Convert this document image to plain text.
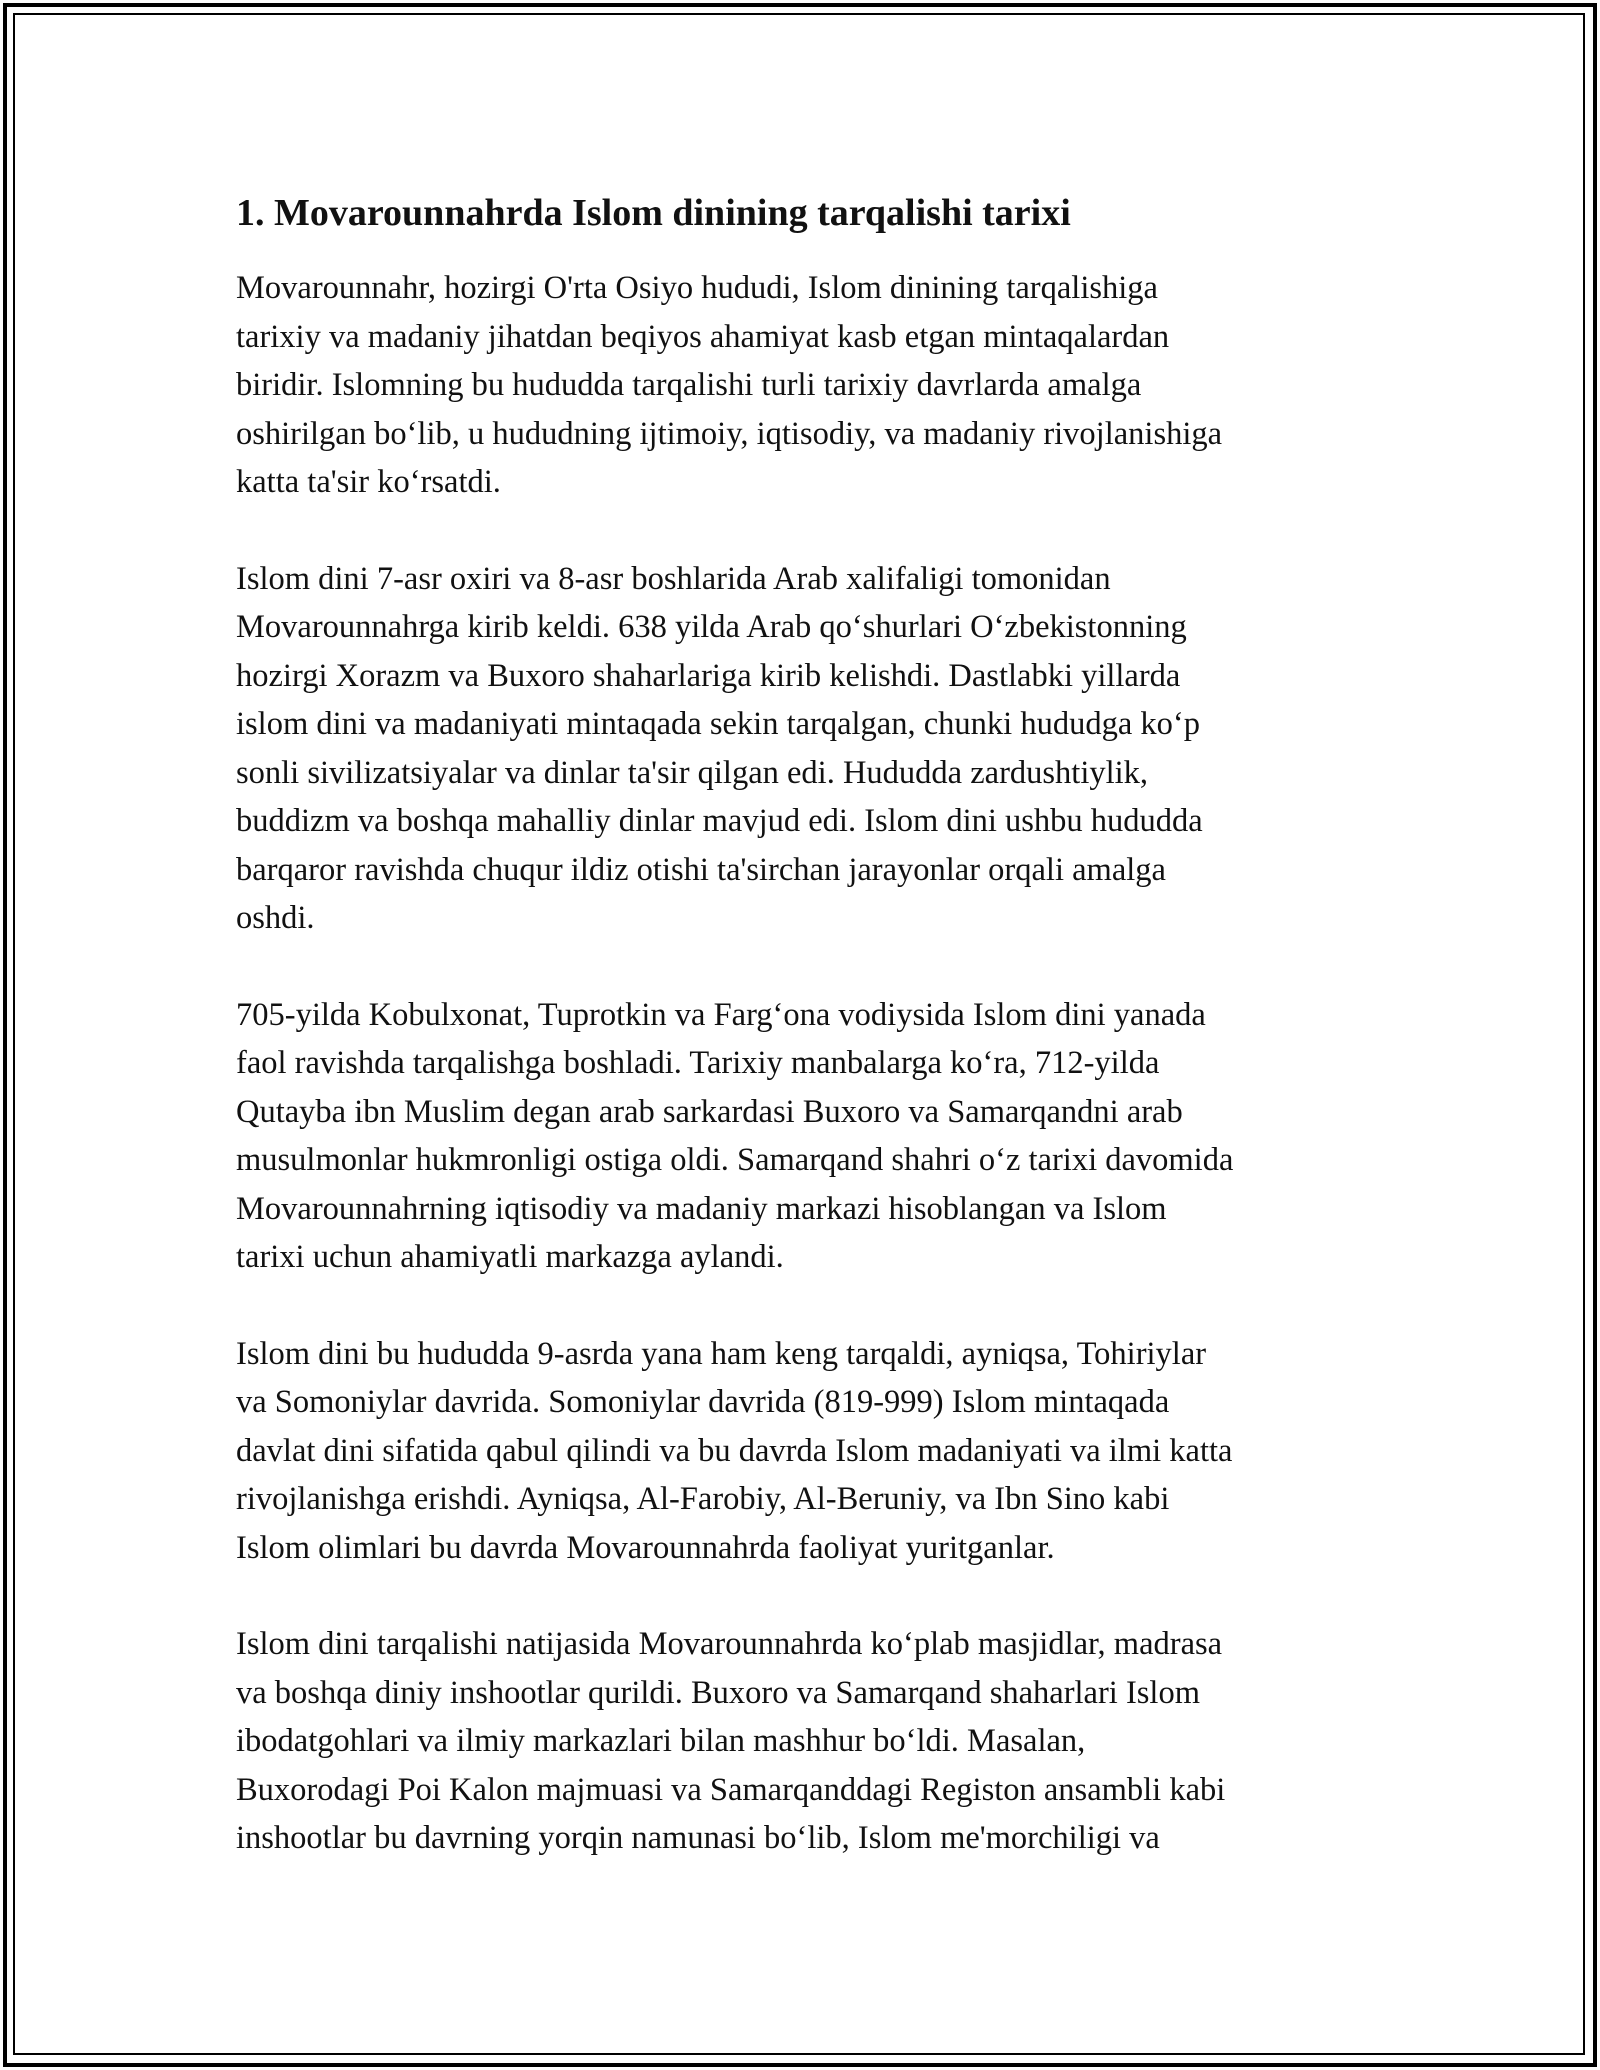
1. Movarounnahrda Islom dinining tarqalishi tarixi
Movarounnahr, hozirgi O'rta Osiyo hududi, Islom dinining tarqalishiga
tarixiy va madaniy jihatdan beqiyos ahamiyat kasb etgan mintaqalardan
biridir. Islomning bu hududda tarqalishi turli tarixiy davrlarda amalga
oshirilgan bo‘lib, u hududning ijtimoiy, iqtisodiy, va madaniy rivojlanishiga
katta ta'sir ko‘rsatdi.
Islom dini 7-asr oxiri va 8-asr boshlarida Arab xalifaligi tomonidan
Movarounnahrga kirib keldi. 638 yilda Arab qo‘shurlari O‘zbekistonning
hozirgi Xorazm va Buxoro shaharlariga kirib kelishdi. Dastlabki yillarda
islom dini va madaniyati mintaqada sekin tarqalgan, chunki hududga ko‘p
sonli sivilizatsiyalar va dinlar ta'sir qilgan edi. Hududda zardushtiylik,
buddizm va boshqa mahalliy dinlar mavjud edi. Islom dini ushbu hududda
barqaror ravishda chuqur ildiz otishi ta'sirchan jarayonlar orqali amalga
oshdi.
705-yilda Kobulxonat, Tuprotkin va Farg‘ona vodiysida Islom dini yanada
faol ravishda tarqalishga boshladi. Tarixiy manbalarga ko‘ra, 712-yilda
Qutayba ibn Muslim degan arab sarkardasi Buxoro va Samarqandni arab
musulmonlar hukmronligi ostiga oldi. Samarqand shahri o‘z tarixi davomida
Movarounnahrning iqtisodiy va madaniy markazi hisoblangan va Islom
tarixi uchun ahamiyatli markazga aylandi.
Islom dini bu hududda 9-asrda yana ham keng tarqaldi, ayniqsa, Tohiriylar
va Somoniylar davrida. Somoniylar davrida (819-999) Islom mintaqada
davlat dini sifatida qabul qilindi va bu davrda Islom madaniyati va ilmi katta
rivojlanishga erishdi. Ayniqsa, Al-Farobiy, Al-Beruniy, va Ibn Sino kabi
Islom olimlari bu davrda Movarounnahrda faoliyat yuritganlar.
Islom dini tarqalishi natijasida Movarounnahrda ko‘plab masjidlar, madrasa
va boshqa diniy inshootlar qurildi. Buxoro va Samarqand shaharlari Islom
ibodatgohlari va ilmiy markazlari bilan mashhur bo‘ldi. Masalan,
Buxorodagi Poi Kalon majmuasi va Samarqanddagi Registon ansambli kabi
inshootlar bu davrning yorqin namunasi bo‘lib, Islom me'morchiligi va
